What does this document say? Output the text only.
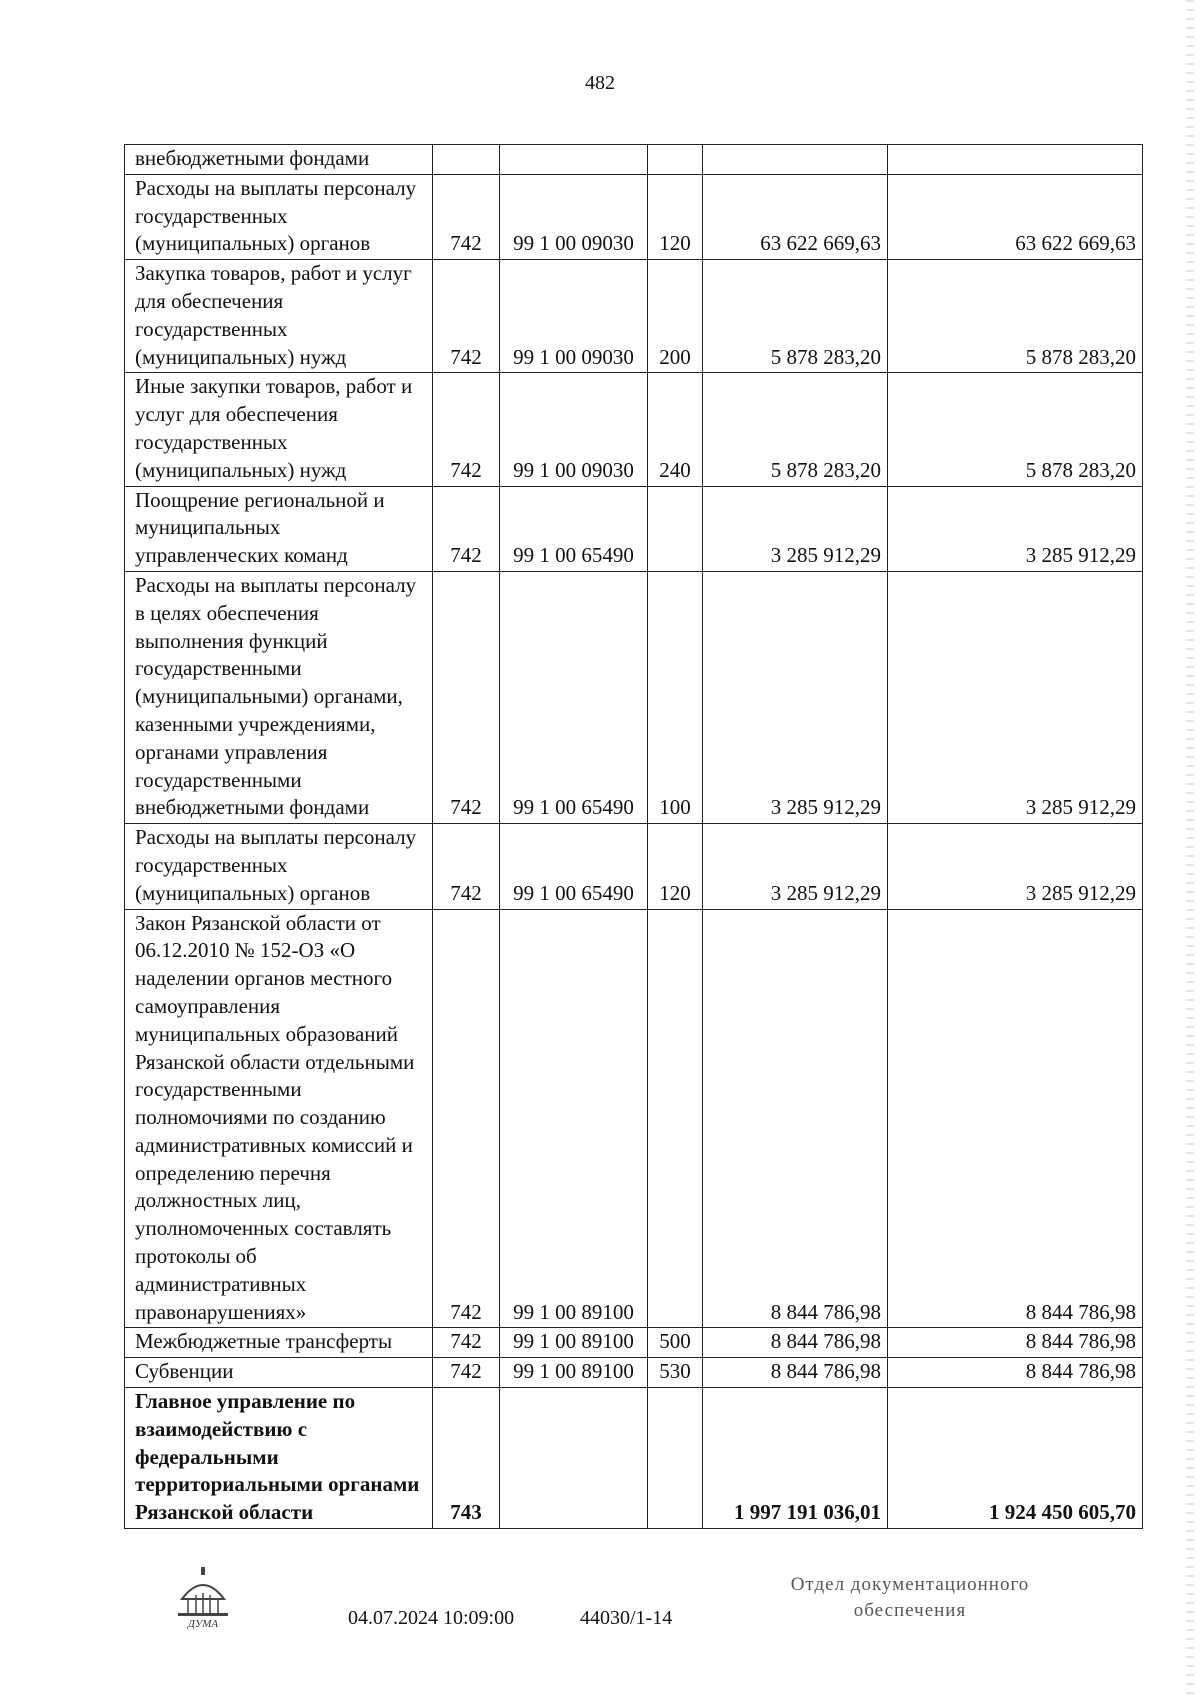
482
внебюджетными фондами					
Расходы на выплаты персоналу государственных (муниципальных) органов	742	99 1 00 09030	120	63 622 669,63	63 622 669,63
Закупка товаров, работ и услуг для обеспечения государственных (муниципальных) нужд	742	99 1 00 09030	200	5 878 283,20	5 878 283,20
Иные закупки товаров, работ и услуг для обеспечения государственных (муниципальных) нужд	742	99 1 00 09030	240	5 878 283,20	5 878 283,20
Поощрение региональной и муниципальных управленческих команд	742	99 1 00 65490		3 285 912,29	3 285 912,29
Расходы на выплаты персоналу в целях обеспечения выполнения функций государственными (муниципальными) органами, казенными учреждениями, органами управления государственными внебюджетными фондами	742	99 1 00 65490	100	3 285 912,29	3 285 912,29
Расходы на выплаты персоналу государственных (муниципальных) органов	742	99 1 00 65490	120	3 285 912,29	3 285 912,29
Закон Рязанской области от 06.12.2010 № 152-ОЗ «О наделении органов местного самоуправления муниципальных образований Рязанской области отдельными государственными полномочиями по созданию административных комиссий и определению перечня должностных лиц, уполномоченных составлять протоколы об административных правонарушениях»	742	99 1 00 89100		8 844 786,98	8 844 786,98
Межбюджетные трансферты	742	99 1 00 89100	500	8 844 786,98	8 844 786,98
Субвенции	742	99 1 00 89100	530	8 844 786,98	8 844 786,98
Главное управление по взаимодействию с федеральными территориальными органами Рязанской области	743			1 997 191 036,01	1 924 450 605,70
ДУМА	04.07.2024 10:09:00	44030/1-14
Отдел документационного
обеспечения
